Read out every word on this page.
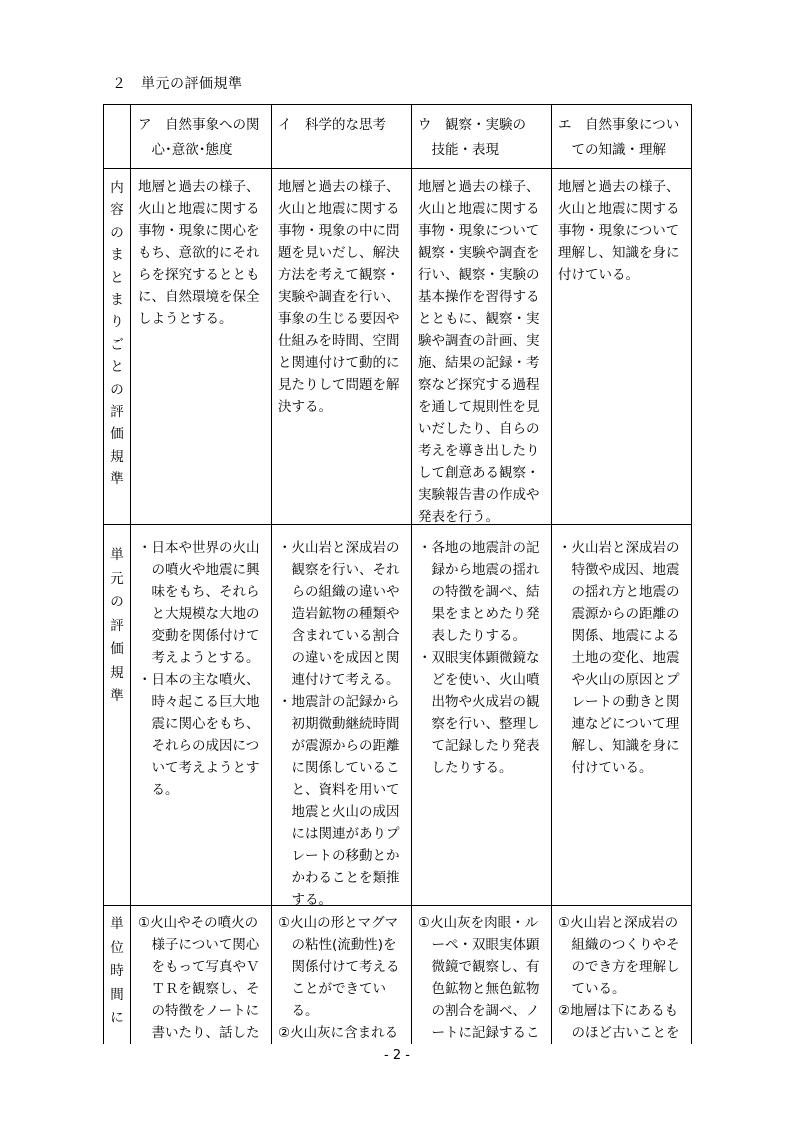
２　単元の評価規準
ア　自然事象への関
　心･意欲･態度
イ　科学的な思考 ウ　観察・実験の
　技能・表現
エ　自然事象につい
　ての知識・理解
内
容
の
ま
と
ま
り
ご
と
の
評
価
規
準
地層と過去の様子、
火山と地震に関する
事物・現象に関心を
もち、意欲的にそれ
らを探究するととも
に、自然環境を保全
しようとする。
地層と過去の様子、
火山と地震に関する
事物・現象の中に問
題を見いだし、解決
方法を考えて観察・
実験や調査を行い、
事象の生じる要因や
仕組みを時間、空間
と関連付けて動的に
見たりして問題を解
決する。
地層と過去の様子、
火山と地震に関する
事物・現象について
観察・実験や調査を
行い、観察・実験の
基本操作を習得する
とともに、観察・実
験や調査の計画、実
施、結果の記録・考
察など探究する過程
を通して規則性を見
いだしたり、自らの
考えを導き出したり
して創意ある観察・
実験報告書の作成や
発表を行う。
地層と過去の様子、
火山と地震に関する
事物・現象について
理解し、知識を身に
付けている。
単
元
の
評
価
規
準
・日本や世界の火山
　の噴火や地震に興
　味をもち、それら
　と大規模な大地の
　変動を関係付けて
　考えようとする。
・日本の主な噴火、
　時々起こる巨大地
　震に関心をもち、
　それらの成因につ
　いて考えようとす
　る。
・火山岩と深成岩の
　観察を行い、それ
　らの組織の違いや
　造岩鉱物の種類や
　含まれている割合
　の違いを成因と関
　連付けて考える。
・地震計の記録から
　初期微動継続時間
　が震源からの距離
　に関係しているこ
　と、資料を用いて
　地震と火山の成因
　には関連がありプ
　レートの移動とか
　かわることを類推
　する。
・各地の地震計の記
　録から地震の揺れ
　の特徴を調べ、結
　果をまとめたり発
　表したりする。
・双眼実体顕微鏡な
　どを使い、火山噴
　出物や火成岩の観
　察を行い、整理し
　て記録したり発表
　したりする。
・火山岩と深成岩の
　特徴や成因、地震
　の揺れ方と地震の
　震源からの距離の
　関係、地震による
　土地の変化、地震
　や火山の原因とプ
　レートの動きと関
　連などについて理
　解し、知識を身に
　付けている。
単
位
時
間
に
①火山やその噴火の
　様子について関心
　をもって写真やＶ
　ＴＲを観察し、そ
　の特徴をノートに
　書いたり、話した
①火山の形とマグマ
　の粘性(流動性)を
　関係付けて考える
　ことができてい
　る。
②火山灰に含まれる
①火山灰を肉眼・ル
　ーペ・双眼実体顕
　微鏡で観察し、有
　色鉱物と無色鉱物
　の割合を調べ、ノ
　ートに記録するこ
①火山岩と深成岩の
　組織のつくりやそ
　のでき方を理解し
　ている。
②地層は下にあるも
　のほど古いことを
- 2 -
